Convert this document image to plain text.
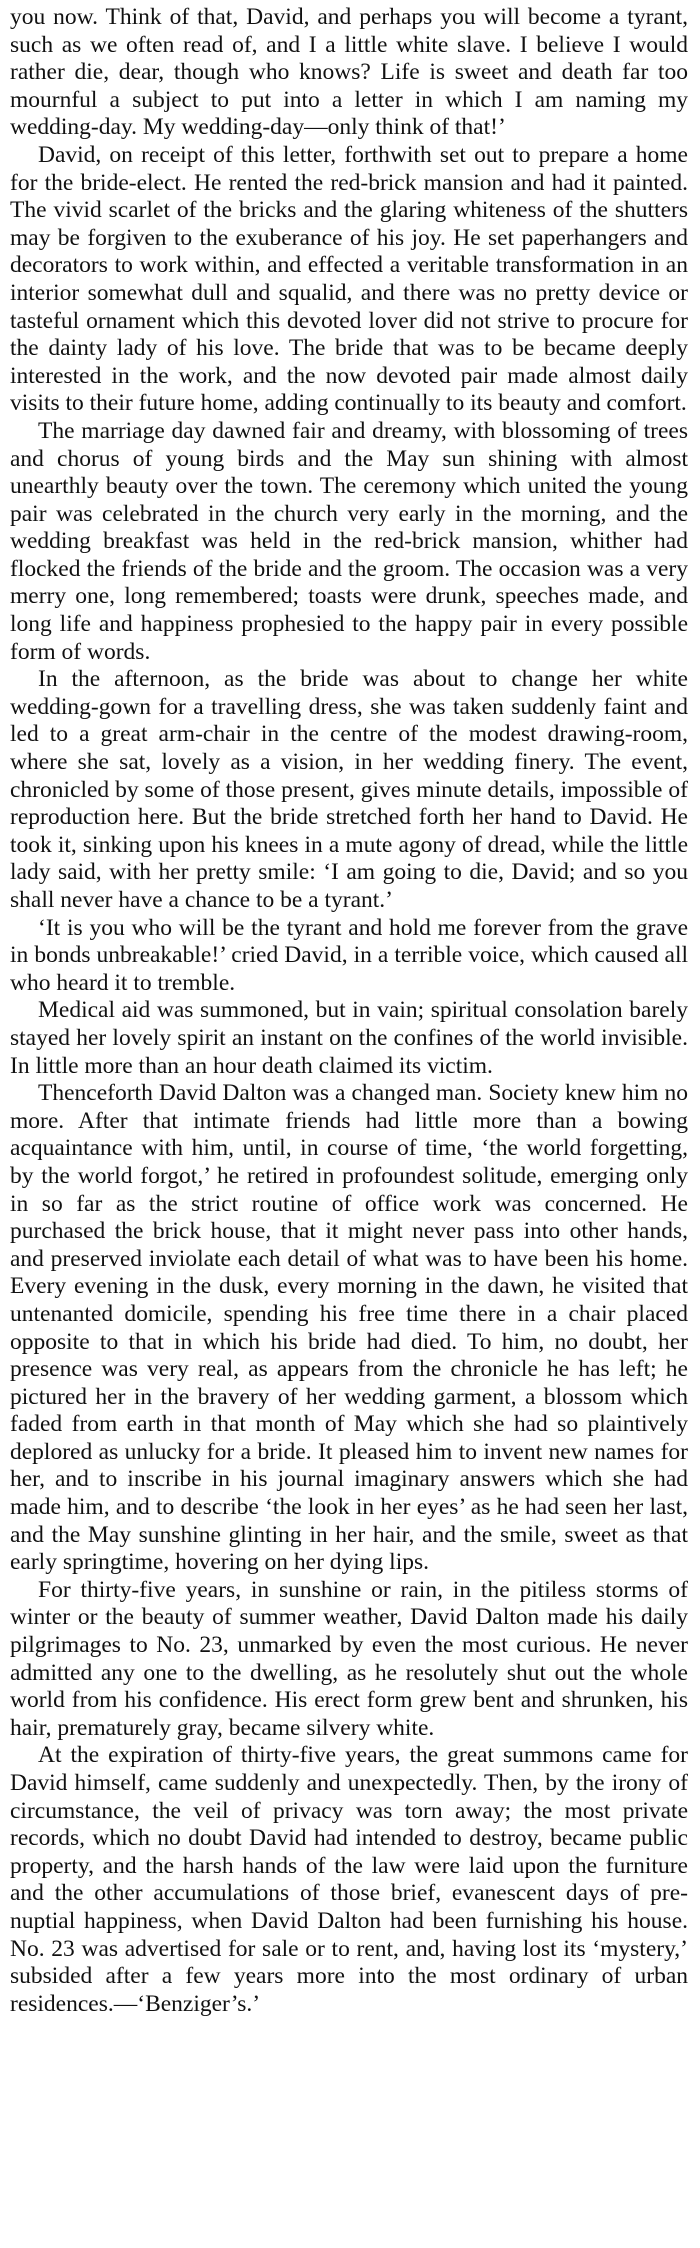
you now. Think of that, David, and perhaps you will become a tyrant, such as we often read of, and I a little white slave. I believe I would rather die, dear, though who knows? Life is sweet and death far too mournful a subject to put into a letter in which I am naming my wedding-day. My wedding-day—only think of that!’

David, on receipt of this letter, forthwith set out to prepare a home for the bride-elect. He rented the red-brick mansion and had it painted. The vivid scarlet of the bricks and the glaring whiteness of the shutters may be forgiven to the exuberance of his joy. He set paperhangers and decorators to work within, and effected a veritable transformation in an interior somewhat dull and squalid, and there was no pretty device or tasteful ornament which this devoted lover did not strive to procure for the dainty lady of his love. The bride that was to be became deeply interested in the work, and the now devoted pair made almost daily visits to their future home, adding continually to its beauty and comfort.

The marriage day dawned fair and dreamy, with blossoming of trees and chorus of young birds and the May sun shining with almost unearthly beauty over the town. The ceremony which united the young pair was celebrated in the church very early in the morning, and the wedding breakfast was held in the red-brick mansion, whither had flocked the friends of the bride and the groom. The occasion was a very merry one, long remembered; toasts were drunk, speeches made, and long life and happiness prophesied to the happy pair in every possible form of words.

In the afternoon, as the bride was about to change her white wedding-gown for a travelling dress, she was taken suddenly faint and led to a great arm-chair in the centre of the modest drawing-room, where she sat, lovely as a vision, in her wedding finery. The event, chronicled by some of those present, gives minute details, impossible of reproduction here. But the bride stretched forth her hand to David. He took it, sinking upon his knees in a mute agony of dread, while the little lady said, with her pretty smile: ‘I am going to die, David; and so you shall never have a chance to be a tyrant.’

‘It is you who will be the tyrant and hold me forever from the grave in bonds unbreakable!’ cried David, in a terrible voice, which caused all who heard it to tremble.

Medical aid was summoned, but in vain; spiritual consolation barely stayed her lovely spirit an instant on the confines of the world invisible. In little more than an hour death claimed its victim.

Thenceforth David Dalton was a changed man. Society knew him no more. After that intimate friends had little more than a bowing acquaintance with him, until, in course of time, ‘the world forgetting, by the world forgot,’ he retired in profoundest solitude, emerging only in so far as the strict routine of office work was concerned. He purchased the brick house, that it might never pass into other hands, and preserved inviolate each detail of what was to have been his home. Every evening in the dusk, every morning in the dawn, he visited that untenanted domicile, spending his free time there in a chair placed opposite to that in which his bride had died. To him, no doubt, her presence was very real, as appears from the chronicle he has left; he pictured her in the bravery of her wedding garment, a blossom which faded from earth in that month of May which she had so plaintively deplored as unlucky for a bride. It pleased him to invent new names for her, and to inscribe in his journal imaginary answers which she had made him, and to describe ‘the look in her eyes’ as he had seen her last, and the May sunshine glinting in her hair, and the smile, sweet as that early springtime, hovering on her dying lips.

For thirty-five years, in sunshine or rain, in the pitiless storms of winter or the beauty of summer weather, David Dalton made his daily pilgrimages to No. 23, unmarked by even the most curious. He never admitted any one to the dwelling, as he resolutely shut out the whole world from his confidence. His erect form grew bent and shrunken, his hair, prematurely gray, became silvery white.

At the expiration of thirty-five years, the great summons came for David himself, came suddenly and unexpectedly. Then, by the irony of circumstance, the veil of privacy was torn away; the most private records, which no doubt David had intended to destroy, became public property, and the harsh hands of the law were laid upon the furniture and the other accumulations of those brief, evanescent days of pre-nuptial happiness, when David Dalton had been furnishing his house. No. 23 was advertised for sale or to rent, and, having lost its ‘mystery,’ subsided after a few years more into the most ordinary of urban residences.—‘Benziger’s.’
